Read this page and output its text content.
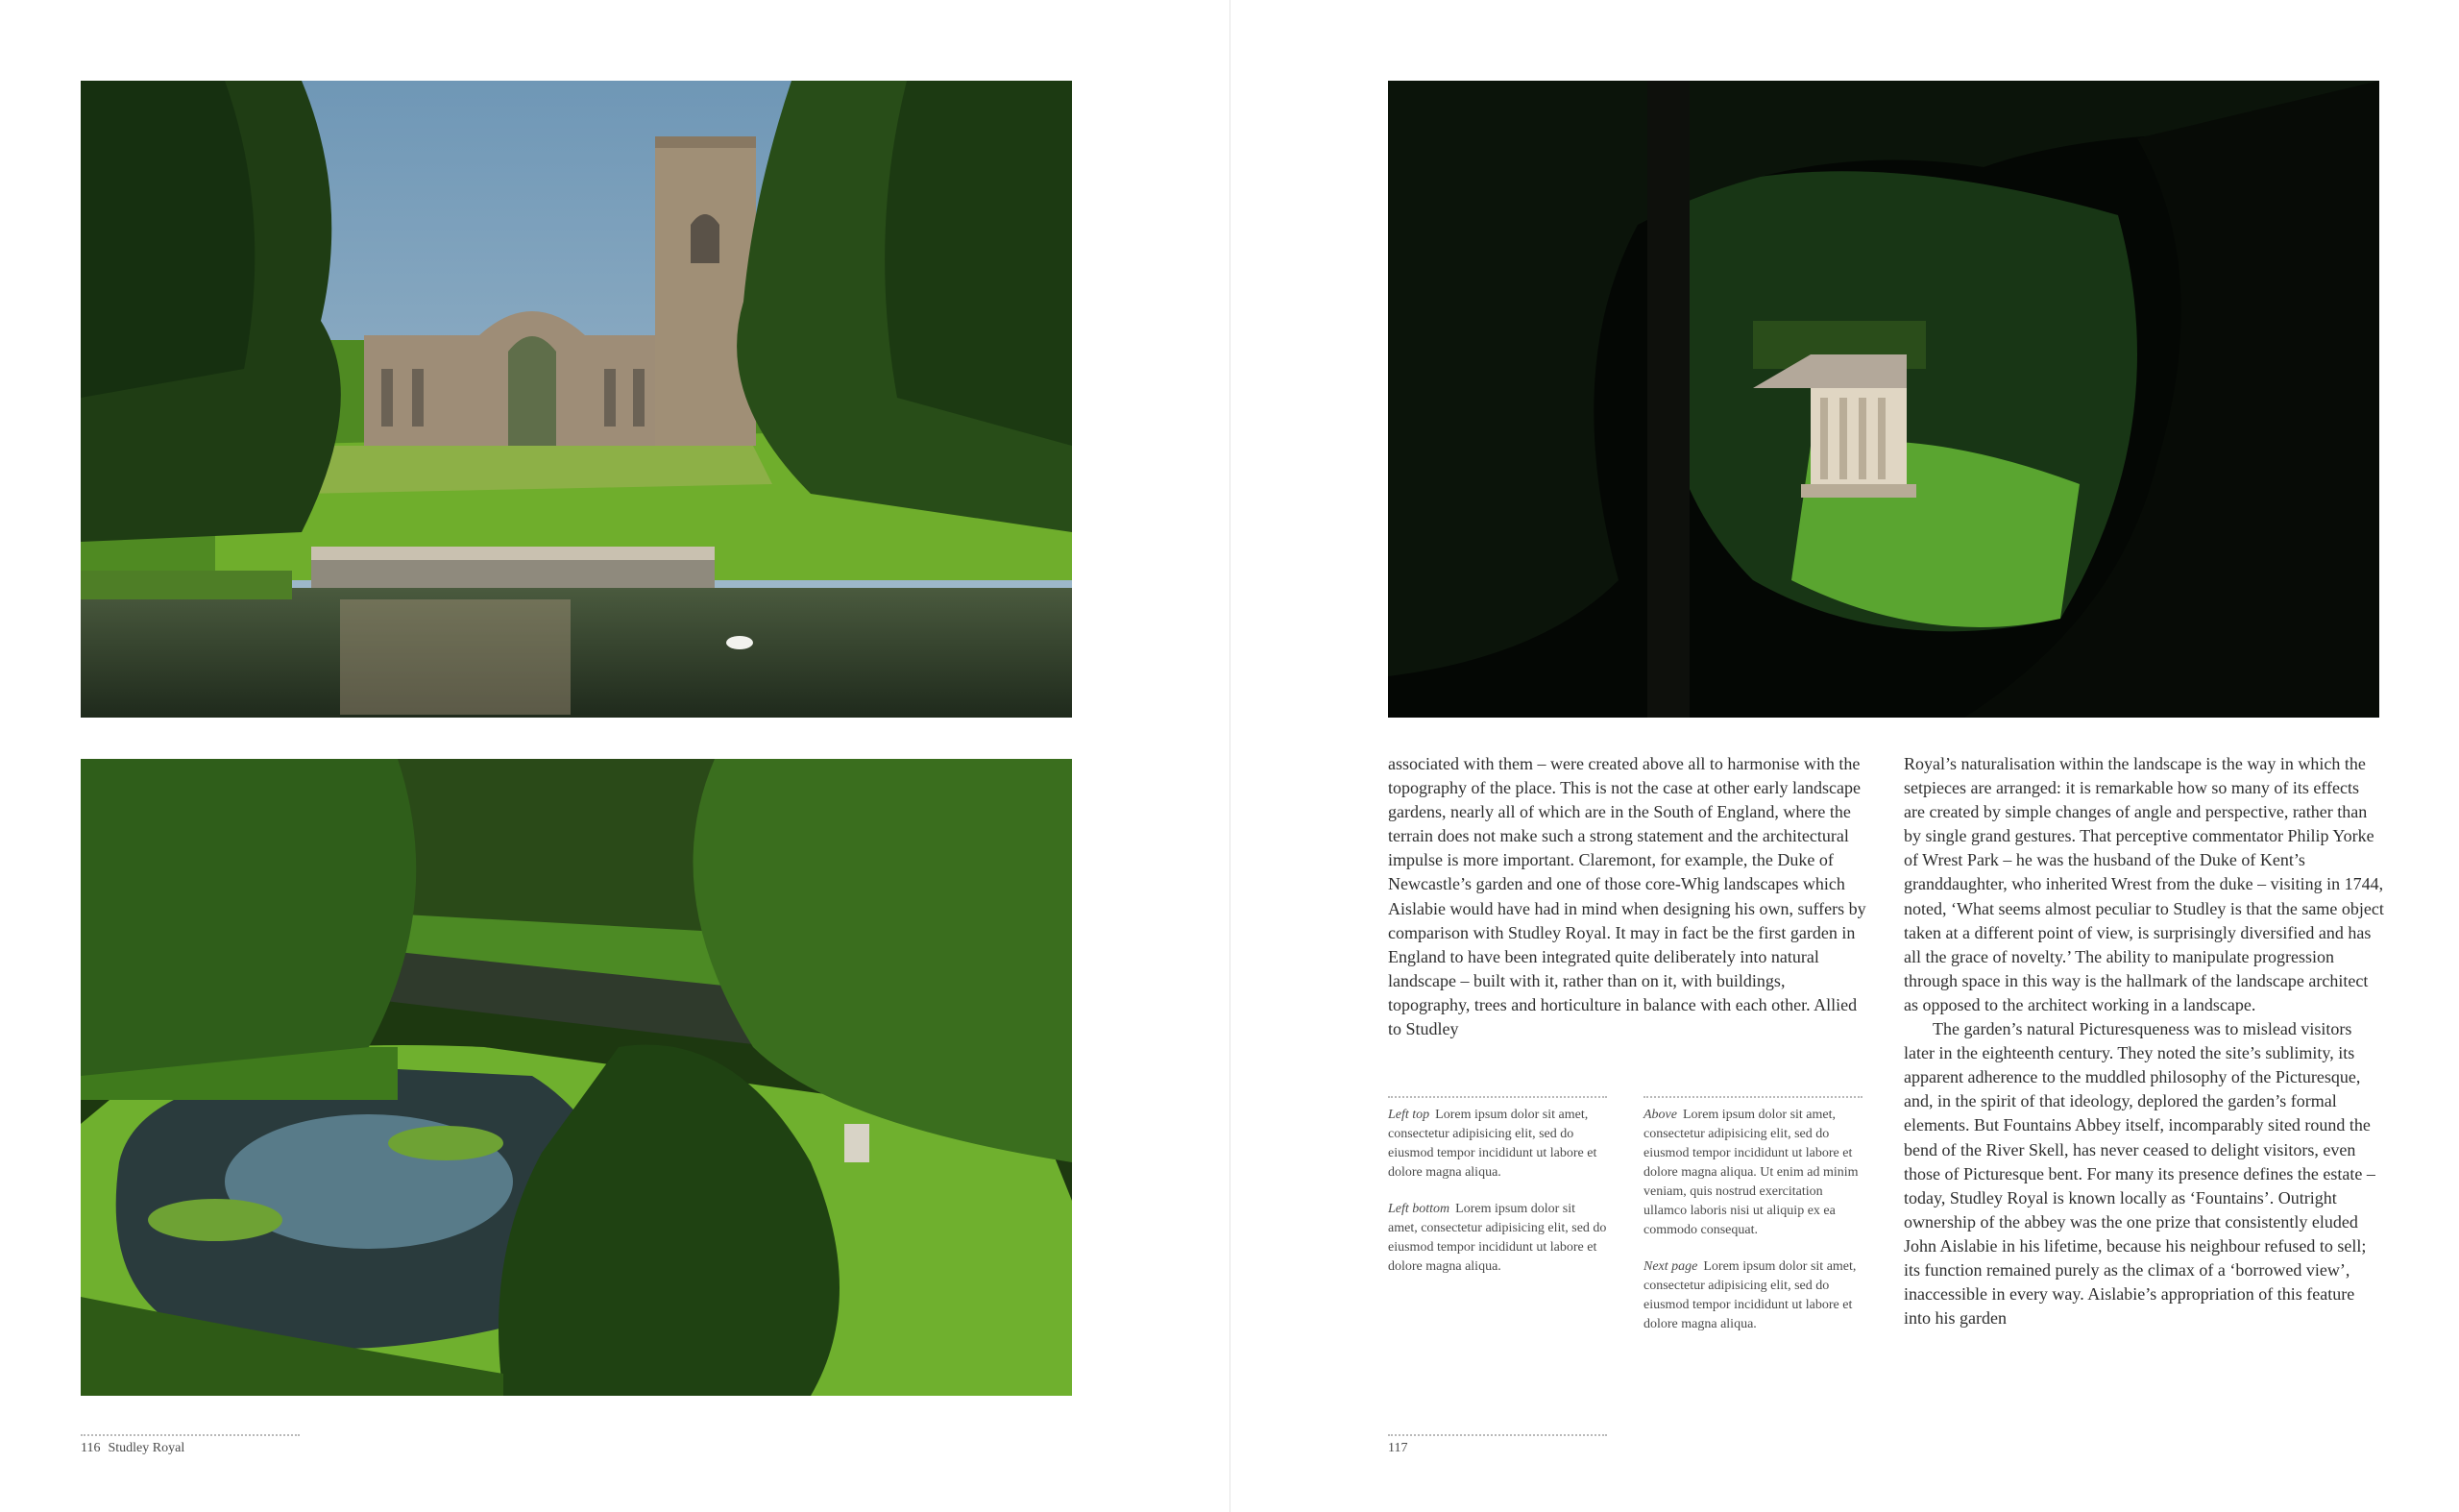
associated with them – were created above all to harmonise with the topography of the place. This is not the case at other early landscape gardens, nearly all of which are in the South of England, where the terrain does not make such a strong statement and the architectural impulse is more important. Claremont, for example, the Duke of Newcastle’s garden and one of those core-Whig landscapes which Aislabie would have had in mind when designing his own, suffers by comparison with Studley Royal. It may in fact be the first garden in England to have been integrated quite deliberately into natural landscape – built with it, rather than on it, with buildings, topography, trees and horticulture in balance with each other. Allied to Studley

Royal’s naturalisation within the landscape is the way in which the setpieces are arranged: it is remarkable how so many of its effects are created by simple changes of angle and perspective, rather than by single grand gestures. That perceptive commentator Philip Yorke of Wrest Park – he was the husband of the Duke of Kent’s granddaughter, who inherited Wrest from the duke – visiting in 1744, noted, ‘What seems almost peculiar to Studley is that the same object taken at a different point of view, is surprisingly diversified and has all the grace of novelty.’ The ability to manipulate progression through space in this way is the hallmark of the landscape architect as opposed to the architect working in a landscape.

The garden’s natural Picturesqueness was to mislead visitors later in the eighteenth century. They noted the site’s sublimity, its apparent adherence to the muddled philosophy of the Picturesque, and, in the spirit of that ideology, deplored the garden’s formal elements. But Fountains Abbey itself, incomparably sited round the bend of the River Skell, has never ceased to delight visitors, even those of Picturesque bent. For many its presence defines the estate – today, Studley Royal is known locally as ‘Fountains’. Outright ownership of the abbey was the one prize that consistently eluded John Aislabie in his lifetime, because his neighbour refused to sell; its function remained purely as the climax of a ‘borrowed view’, inaccessible in every way. Aislabie’s appropriation of this feature into his garden

Left top Lorem ipsum dolor sit amet, consectetur adipisicing elit, sed do eiusmod tempor incididunt ut labore et dolore magna aliqua.

Left bottom Lorem ipsum dolor sit amet, consectetur adipisicing elit, sed do eiusmod tempor incididunt ut labore et dolore magna aliqua.

Above Lorem ipsum dolor sit amet, consectetur adipisicing elit, sed do eiusmod tempor incididunt ut labore et dolore magna aliqua. Ut enim ad minim veniam, quis nostrud exercitation ullamco laboris nisi ut aliquip ex ea commodo consequat.

Next page Lorem ipsum dolor sit amet, consectetur adipisicing elit, sed do eiusmod tempor incididunt ut labore et dolore magna aliqua.

116 Studley Royal	117
